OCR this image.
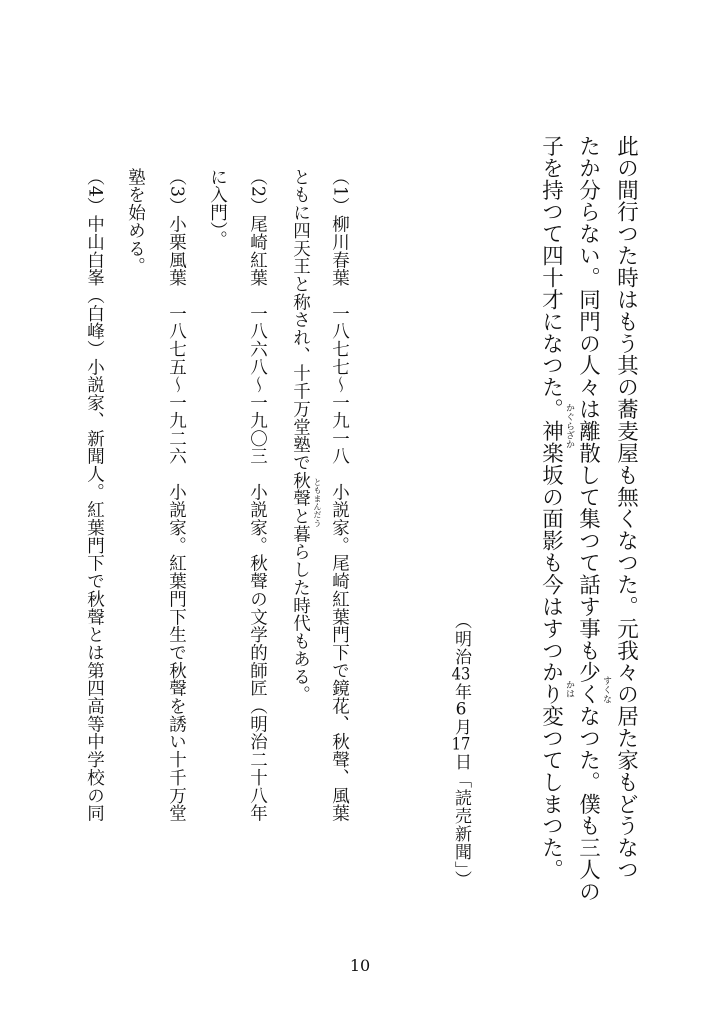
此の間行つた時はもう其の蕎麦屋も無くなつた。元我々の居た家もどうなつ
たか分らない。同門の人々は離散して集つて話す事も少くなつた。僕も三人の
子を持つて四十才になつた。神楽坂の面影も今はすつかり変つてしまつた。	すくな
かぐらざか
かは
（明治43年6月17日「読売新聞」）
（1）柳川春葉　一八七七〜一九一八　小説家。尾崎紅葉門下で鏡花、秋聲、風葉
ともに四天王と称され、十千万堂塾で秋聲と暮らした時代もある。 ともまんだう
（2）尾崎紅葉　一八六八〜一九〇三　小説家。秋聲の文学的師匠（明治二十八年
に入門）。
（3）小栗風葉　一八七五〜一九二六　小説家。紅葉門下生で秋聲を誘い十千万堂
塾を始める。
（4）中山白峯（白峰）小説家、新聞人。紅葉門下で秋聲とは第四高等中学校の同
10
